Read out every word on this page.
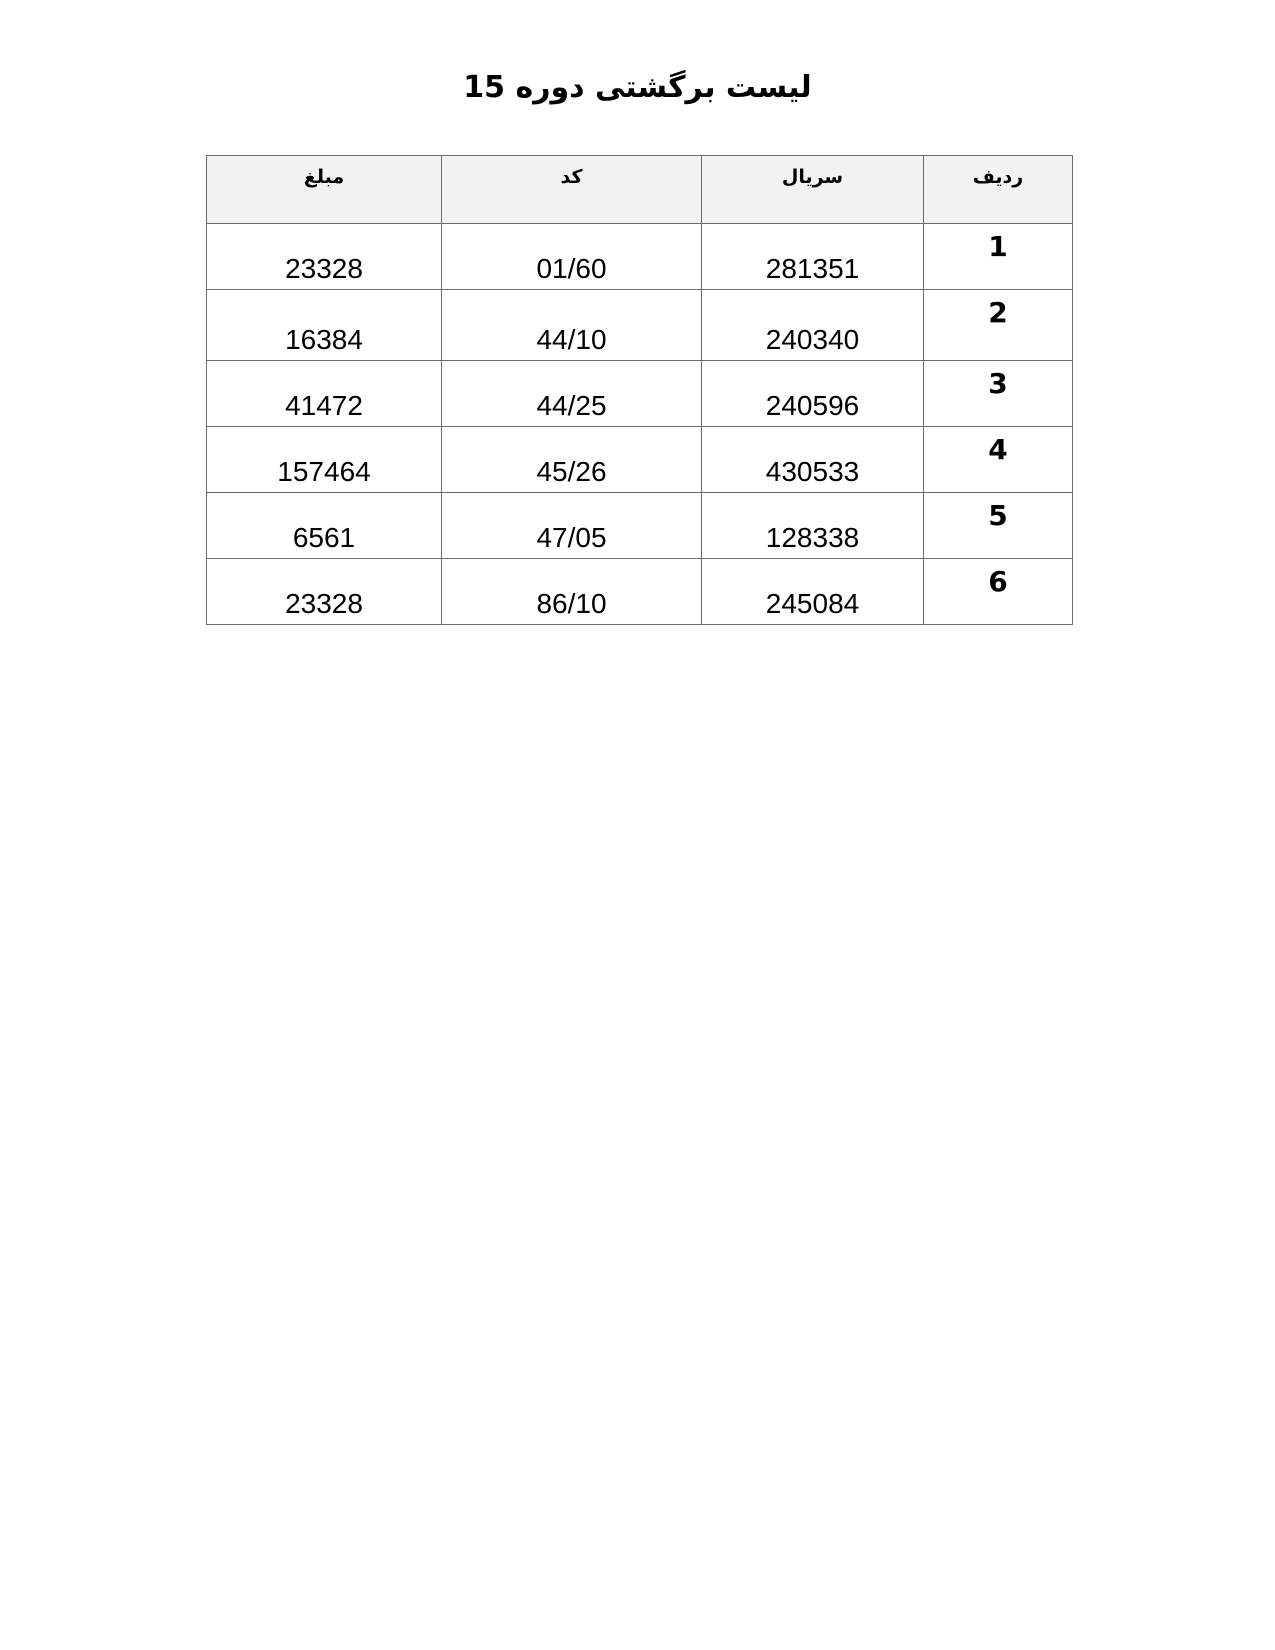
لیست برگشتی دوره 15
ردیف	سریال	کد	مبلغ
1	281351	01/60	23328
2	240340	44/10	16384
3	240596	44/25	41472
4	430533	45/26	157464
5	128338	47/05	6561
6	245084	86/10	23328
